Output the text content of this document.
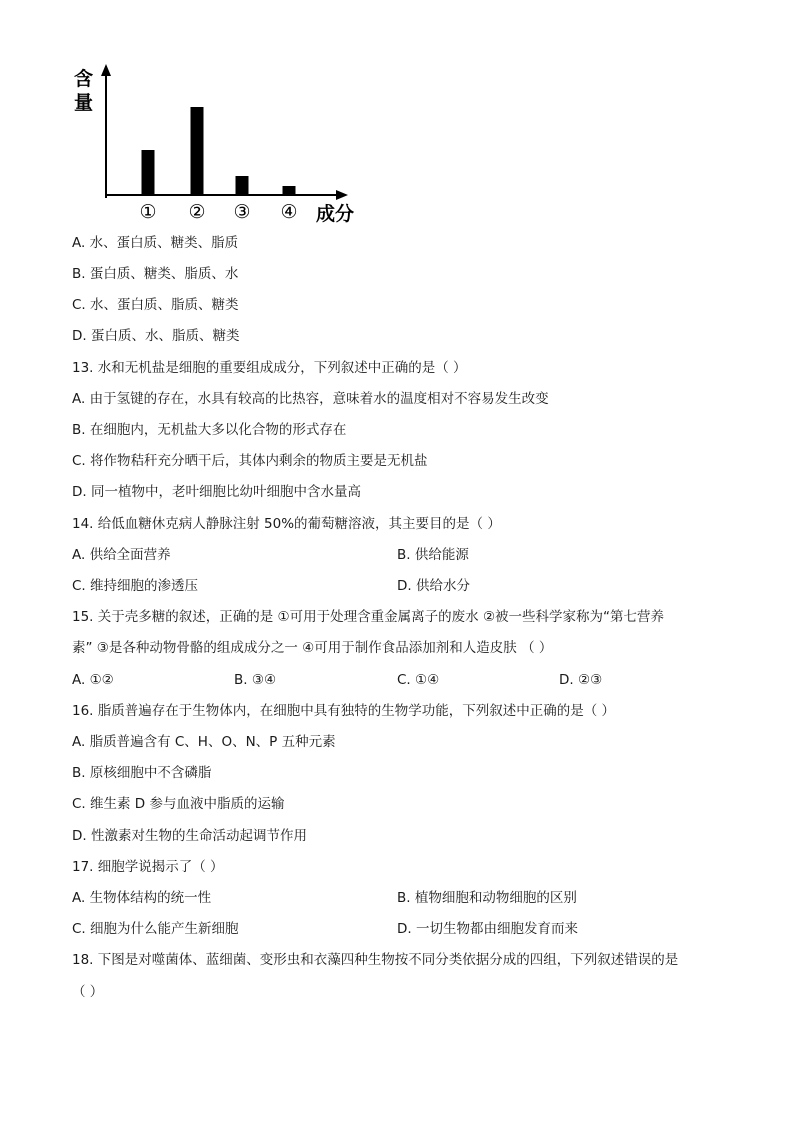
含
量
① ② ③ ④ 成分
A. 水、蛋白质、糖类、脂质
B. 蛋白质、糖类、脂质、水
C. 水、蛋白质、脂质、糖类
D. 蛋白质、水、脂质、糖类
13. 水和无机盐是细胞的重要组成成分，下列叙述中正确的是（ ）
A. 由于氢键的存在，水具有较高的比热容，意味着水的温度相对不容易发生改变
B. 在细胞内，无机盐大多以化合物的形式存在
C. 将作物秸秆充分晒干后，其体内剩余的物质主要是无机盐
D. 同一植物中，老叶细胞比幼叶细胞中含水量高
14. 给低血糖休克病人静脉注射 50%的葡萄糖溶液，其主要目的是（ ）
A. 供给全面营养	B. 供给能源
C. 维持细胞的渗透压	D. 供给水分
15. 关于壳多糖的叙述，正确的是 ①可用于处理含重金属离子的废水 ②被一些科学家称为“第七营养
素” ③是各种动物骨骼的组成成分之一 ④可用于制作食品添加剂和人造皮肤 （ ）
A. ①②	B. ③④	C. ①④	D. ②③
16. 脂质普遍存在于生物体内，在细胞中具有独特的生物学功能，下列叙述中正确的是（ ）
A. 脂质普遍含有 C、H、O、N、P 五种元素
B. 原核细胞中不含磷脂
C. 维生素 D 参与血液中脂质的运输
D. 性激素对生物的生命活动起调节作用
17. 细胞学说揭示了（ ）
A. 生物体结构的统一性	B. 植物细胞和动物细胞的区别
C. 细胞为什么能产生新细胞	D. 一切生物都由细胞发育而来
18. 下图是对噬菌体、蓝细菌、变形虫和衣藻四种生物按不同分类依据分成的四组，下列叙述错误的是
（ ）
